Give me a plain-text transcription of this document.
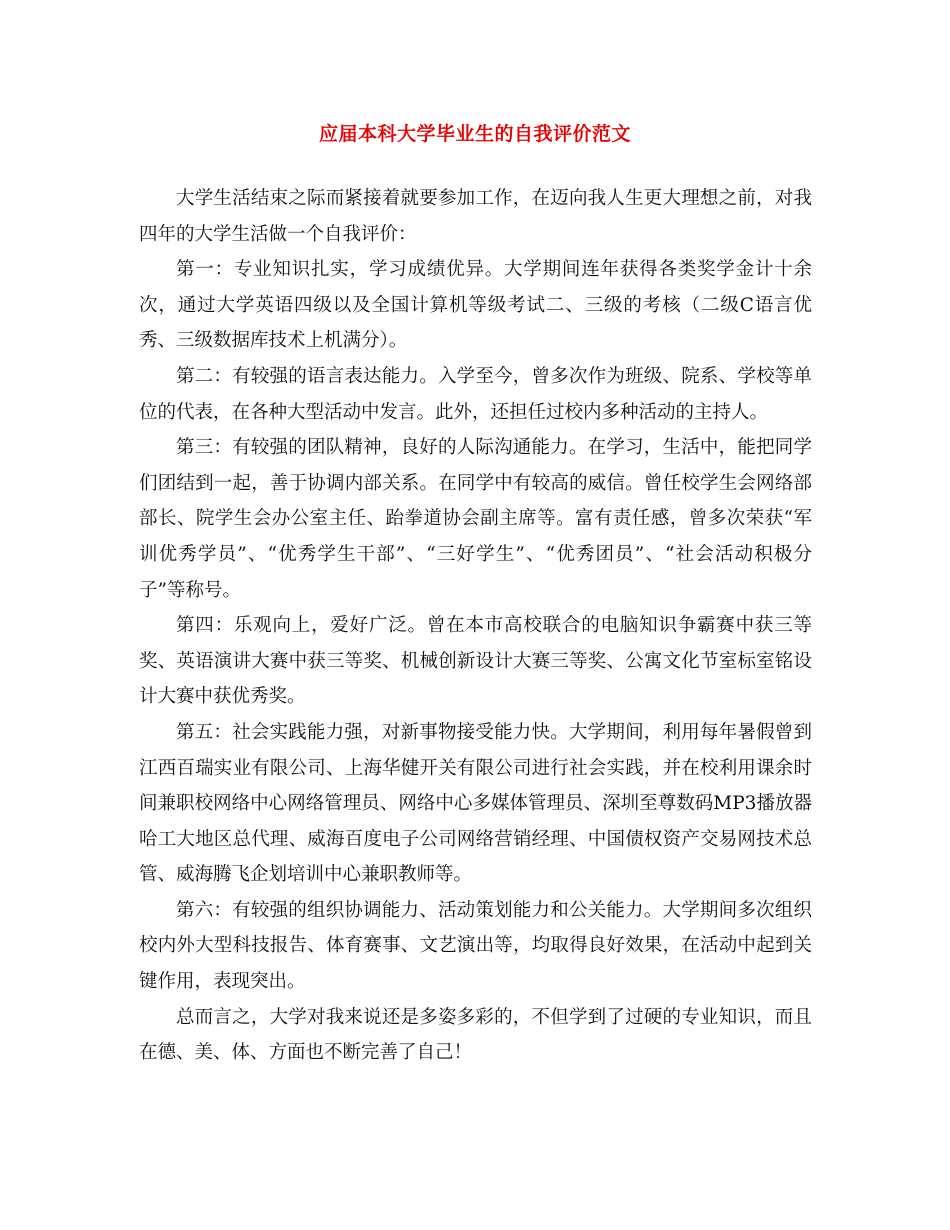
应届本科大学毕业生的自我评价范文

大学生活结束之际而紧接着就要参加工作，在迈向我人生更大理想之前，对我四年的大学生活做一个自我评价：

第一：专业知识扎实，学习成绩优异。大学期间连年获得各类奖学金计十余次，通过大学英语四级以及全国计算机等级考试二、三级的考核（二级C语言优秀、三级数据库技术上机满分）。

第二：有较强的语言表达能力。入学至今，曾多次作为班级、院系、学校等单位的代表，在各种大型活动中发言。此外，还担任过校内多种活动的主持人。

第三：有较强的团队精神，良好的人际沟通能力。在学习，生活中，能把同学们团结到一起，善于协调内部关系。在同学中有较高的威信。曾任校学生会网络部部长、院学生会办公室主任、跆拳道协会副主席等。富有责任感，曾多次荣获“军训优秀学员”、“优秀学生干部”、“三好学生”、“优秀团员”、“社会活动积极分子”等称号。

第四：乐观向上，爱好广泛。曾在本市高校联合的电脑知识争霸赛中获三等奖、英语演讲大赛中获三等奖、机械创新设计大赛三等奖、公寓文化节室标室铭设计大赛中获优秀奖。

第五：社会实践能力强，对新事物接受能力快。大学期间，利用每年暑假曾到江西百瑞实业有限公司、上海华健开关有限公司进行社会实践，并在校利用课余时间兼职校网络中心网络管理员、网络中心多媒体管理员、深圳至尊数码MP3播放器哈工大地区总代理、威海百度电子公司网络营销经理、中国债权资产交易网技术总管、威海腾飞企划培训中心兼职教师等。

第六：有较强的组织协调能力、活动策划能力和公关能力。大学期间多次组织校内外大型科技报告、体育赛事、文艺演出等，均取得良好效果，在活动中起到关键作用，表现突出。

总而言之，大学对我来说还是多姿多彩的，不但学到了过硬的专业知识，而且在德、美、体、方面也不断完善了自己！
